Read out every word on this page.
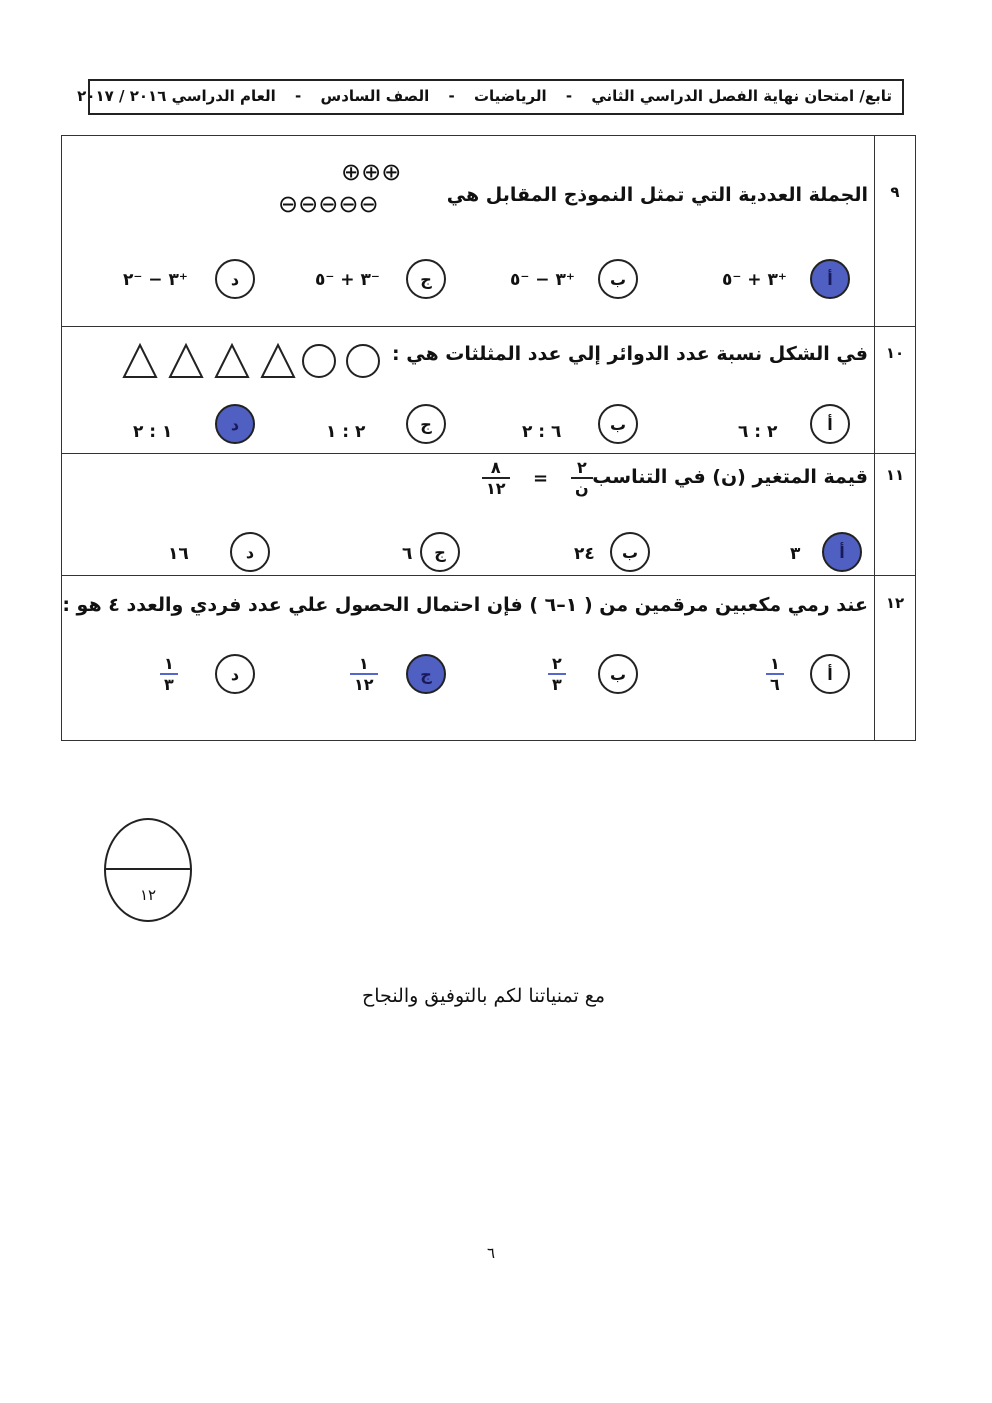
تابع/ امتحان نهاية الفصل الدراسي الثاني - الرياضيات - الصف السادس - العام الدراسي ٢٠١٦ / ٢٠١٧
٩
الجملة العددية التي تمثل النموذج المقابل هي
⊕⊕⊕
⊖⊖⊖⊖⊖
أ
⁺٣ + ⁻٥
ب
⁺٣ − ⁻٥
ج
⁻٣ + ⁻٥
د
⁺٣ − ⁻٢
١٠
في الشكل نسبة عدد الدوائر إلي عدد المثلثات هي :
أ
٢ : ٦
ب
٦ : ٢
ج
٢ : ١
د
١ : ٢
١١
قيمة المتغير (ن) في التناسب
٢
ن
=
٨
١٢
أ
٣
ب
٢٤
ج
٦
د
١٦
١٢
عند رمي مكعبين مرقمين من ( ١–٦ ) فإن احتمال الحصول علي عدد فردي والعدد ٤ هو :
أ
١
٦
ب
٢
٣
ج
١
١٢
د
١
٣
١٢
مع تمنياتنا لكم بالتوفيق والنجاح
٦
